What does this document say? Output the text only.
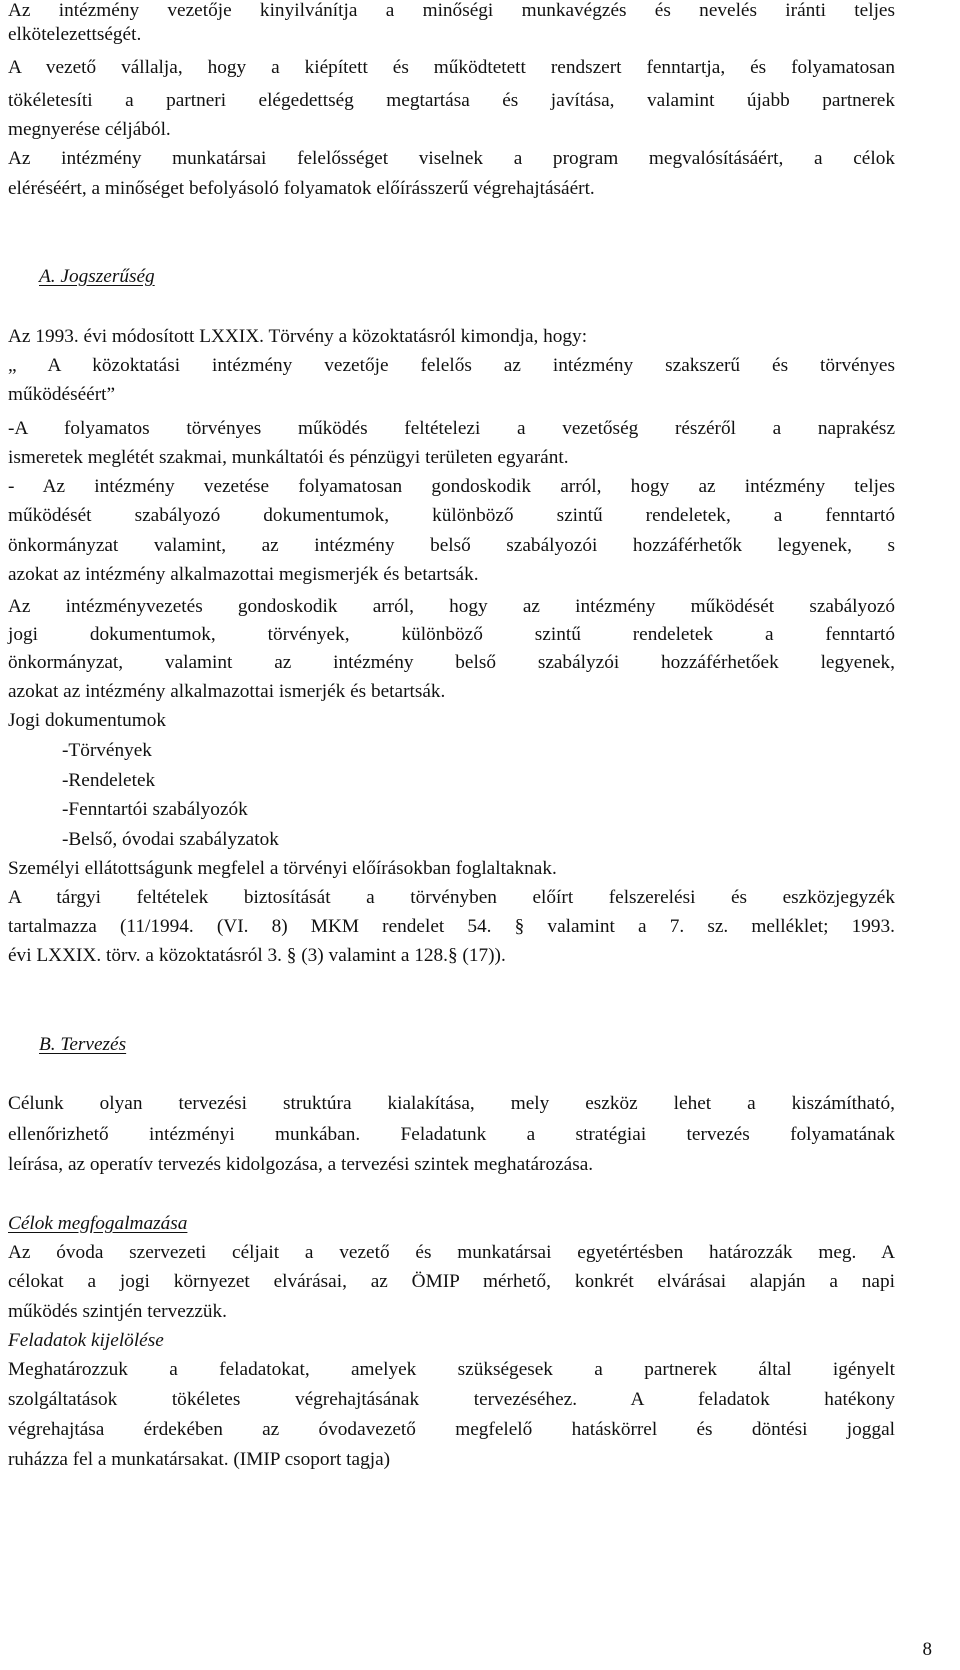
Az intézmény vezetője kinyilvánítja a minőségi munkavégzés és nevelés iránti teljes
elkötelezettségét.
A vezető vállalja, hogy a kiépített és működtetett rendszert fenntartja, és folyamatosan
tökéletesíti a partneri elégedettség megtartása és javítása, valamint újabb partnerek
megnyerése céljából.
Az intézmény munkatársai felelősséget viselnek a program megvalósításáért, a célok
eléréséért, a minőséget befolyásoló folyamatok előírásszerű végrehajtásáért.
A. Jogszerűség
Az 1993. évi módosított LXXIX. Törvény a közoktatásról kimondja, hogy:
„ A közoktatási intézmény vezetője felelős az intézmény szakszerű és törvényes
működéséért”
-A folyamatos törvényes működés feltételezi a vezetőség részéről a naprakész
ismeretek meglétét szakmai, munkáltatói és pénzügyi területen egyaránt.
- Az intézmény vezetése folyamatosan gondoskodik arról, hogy az intézmény teljes
működését szabályozó dokumentumok, különböző szintű rendeletek, a fenntartó
önkormányzat valamint, az intézmény belső szabályozói hozzáférhetők legyenek, s
azokat az intézmény alkalmazottai megismerjék és betartsák.
Az intézményvezetés gondoskodik arról, hogy az intézmény működését szabályozó
jogi dokumentumok, törvények, különböző szintű rendeletek a fenntartó
önkormányzat, valamint az intézmény belső szabályzói hozzáférhetőek legyenek,
azokat az intézmény alkalmazottai ismerjék és betartsák.
Jogi dokumentumok
-Törvények
-Rendeletek
-Fenntartói szabályozók
-Belső, óvodai szabályzatok
Személyi ellátottságunk megfelel a törvényi előírásokban foglaltaknak.
A tárgyi feltételek biztosítását a törvényben előírt felszerelési és eszközjegyzék
tartalmazza (11/1994. (VI. 8) MKM rendelet 54. § valamint a 7. sz. melléklet; 1993.
évi LXXIX. törv. a közoktatásról 3. § (3) valamint a 128.§ (17)).
B. Tervezés
Célunk olyan tervezési struktúra kialakítása, mely eszköz lehet a kiszámítható,
ellenőrizhető intézményi munkában. Feladatunk a stratégiai tervezés folyamatának
leírása, az operatív tervezés kidolgozása, a tervezési szintek meghatározása.
Célok megfogalmazása
Az óvoda szervezeti céljait a vezető és munkatársai egyetértésben határozzák meg. A
célokat a jogi környezet elvárásai, az ÖMIP mérhető, konkrét elvárásai alapján a napi
működés szintjén tervezzük.
Feladatok kijelölése
Meghatározzuk a feladatokat, amelyek szükségesek a partnerek által igényelt
szolgáltatások tökéletes végrehajtásának tervezéséhez. A feladatok hatékony
végrehajtása érdekében az óvodavezető megfelelő hatáskörrel és döntési joggal
ruházza fel a munkatársakat. (IMIP csoport tagja)
8
